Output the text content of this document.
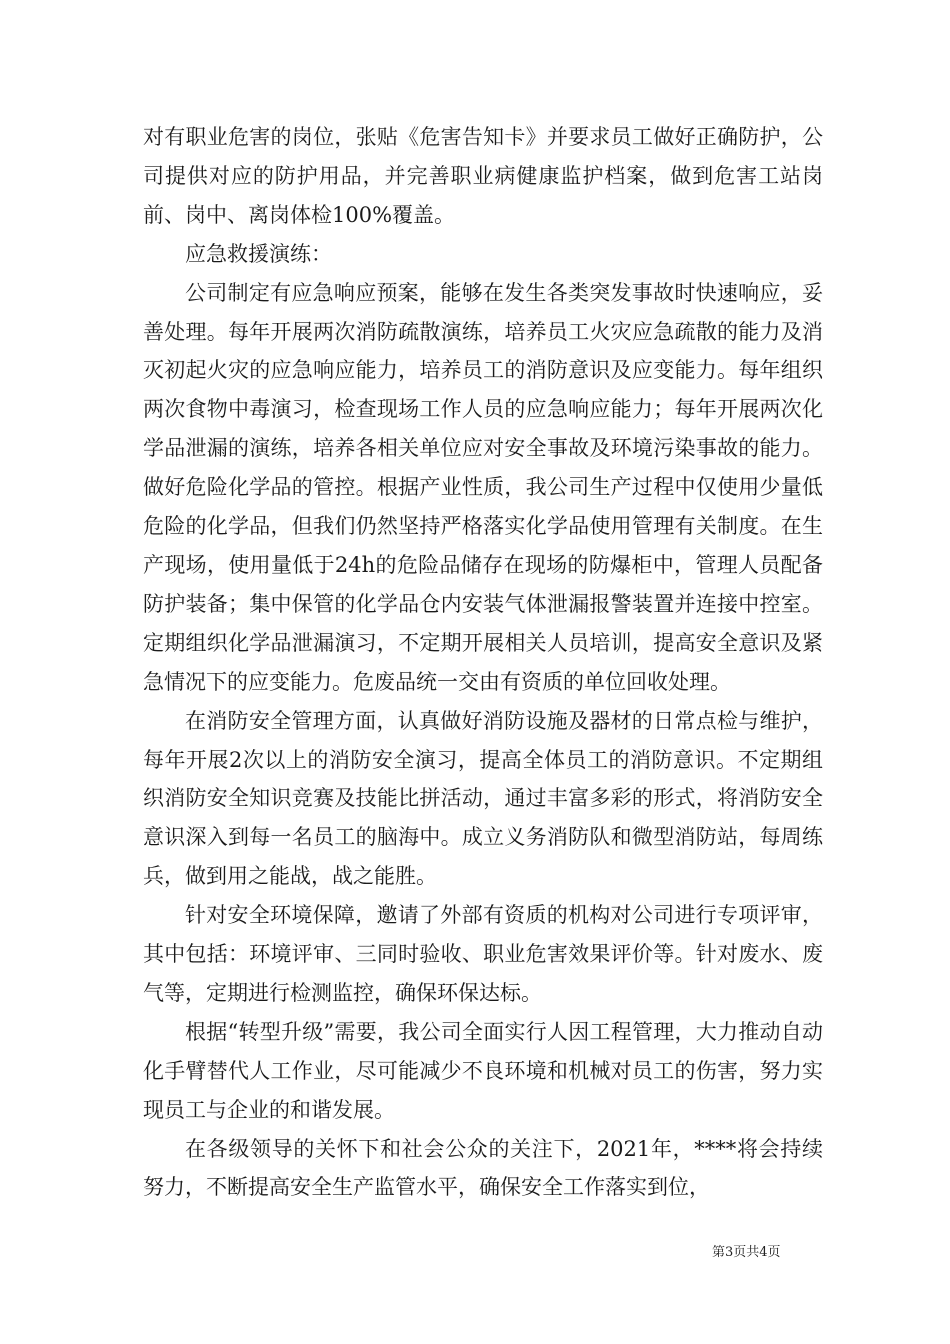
对有职业危害的岗位，张贴《危害告知卡》并要求员工做好正确防护，公司提供对应的防护用品，并完善职业病健康监护档案，做到危害工站岗前、岗中、离岗体检100%覆盖。

应急救援演练：

公司制定有应急响应预案，能够在发生各类突发事故时快速响应，妥善处理。每年开展两次消防疏散演练，培养员工火灾应急疏散的能力及消灭初起火灾的应急响应能力，培养员工的消防意识及应变能力。每年组织两次食物中毒演习，检查现场工作人员的应急响应能力；每年开展两次化学品泄漏的演练，培养各相关单位应对安全事故及环境污染事故的能力。做好危险化学品的管控。根据产业性质，我公司生产过程中仅使用少量低危险的化学品，但我们仍然坚持严格落实化学品使用管理有关制度。在生产现场，使用量低于24h的危险品储存在现场的防爆柜中，管理人员配备防护装备；集中保管的化学品仓内安装气体泄漏报警装置并连接中控室。定期组织化学品泄漏演习，不定期开展相关人员培训，提高安全意识及紧急情况下的应变能力。危废品统一交由有资质的单位回收处理。

在消防安全管理方面，认真做好消防设施及器材的日常点检与维护，每年开展2次以上的消防安全演习，提高全体员工的消防意识。不定期组织消防安全知识竞赛及技能比拼活动，通过丰富多彩的形式，将消防安全意识深入到每一名员工的脑海中。成立义务消防队和微型消防站，每周练兵，做到用之能战，战之能胜。

针对安全环境保障，邀请了外部有资质的机构对公司进行专项评审，其中包括：环境评审、三同时验收、职业危害效果评价等。针对废水、废气等，定期进行检测监控，确保环保达标。

根据“转型升级”需要，我公司全面实行人因工程管理，大力推动自动化手臂替代人工作业，尽可能减少不良环境和机械对员工的伤害，努力实现员工与企业的和谐发展。

在各级领导的关怀下和社会公众的关注下，2021年，****将会持续努力，不断提高安全生产监管水平，确保安全工作落实到位，

第3页共4页
